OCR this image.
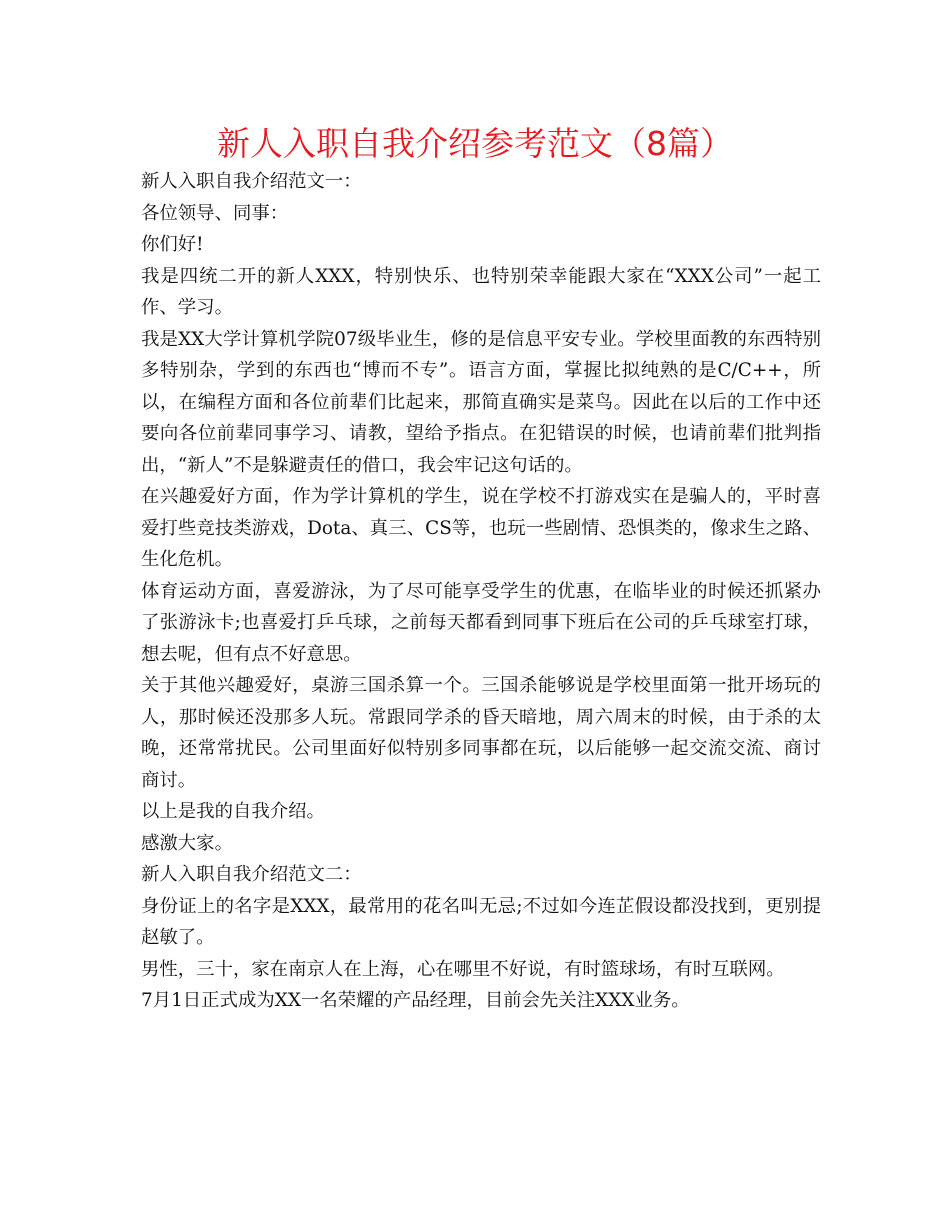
新人入职自我介绍参考范文（8篇）

新人入职自我介绍范文一：

各位领导、同事：

你们好!

我是四统二开的新人XXX，特别快乐、也特别荣幸能跟大家在“XXX公司”一起工作、学习。

我是XX大学计算机学院07级毕业生，修的是信息平安专业。学校里面教的东西特别多特别杂，学到的东西也“博而不专”。语言方面，掌握比拟纯熟的是C/C++，所以，在编程方面和各位前辈们比起来，那简直确实是菜鸟。因此在以后的工作中还要向各位前辈同事学习、请教，望给予指点。在犯错误的时候，也请前辈们批判指出，“新人”不是躲避责任的借口，我会牢记这句话的。

在兴趣爱好方面，作为学计算机的学生，说在学校不打游戏实在是骗人的，平时喜爱打些竞技类游戏，Dota、真三、CS等，也玩一些剧情、恐惧类的，像求生之路、生化危机。

体育运动方面，喜爱游泳，为了尽可能享受学生的优惠，在临毕业的时候还抓紧办了张游泳卡;也喜爱打乒乓球，之前每天都看到同事下班后在公司的乒乓球室打球，想去呢，但有点不好意思。

关于其他兴趣爱好，桌游三国杀算一个。三国杀能够说是学校里面第一批开场玩的人，那时候还没那多人玩。常跟同学杀的昏天暗地，周六周末的时候，由于杀的太晚，还常常扰民。公司里面好似特别多同事都在玩，以后能够一起交流交流、商讨商讨。

以上是我的自我介绍。

感激大家。

新人入职自我介绍范文二：

身份证上的名字是XXX，最常用的花名叫无忌;不过如今连芷假设都没找到，更别提赵敏了。

男性，三十，家在南京人在上海，心在哪里不好说，有时篮球场，有时互联网。

7月1日正式成为XX一名荣耀的产品经理，目前会先关注XXX业务。
